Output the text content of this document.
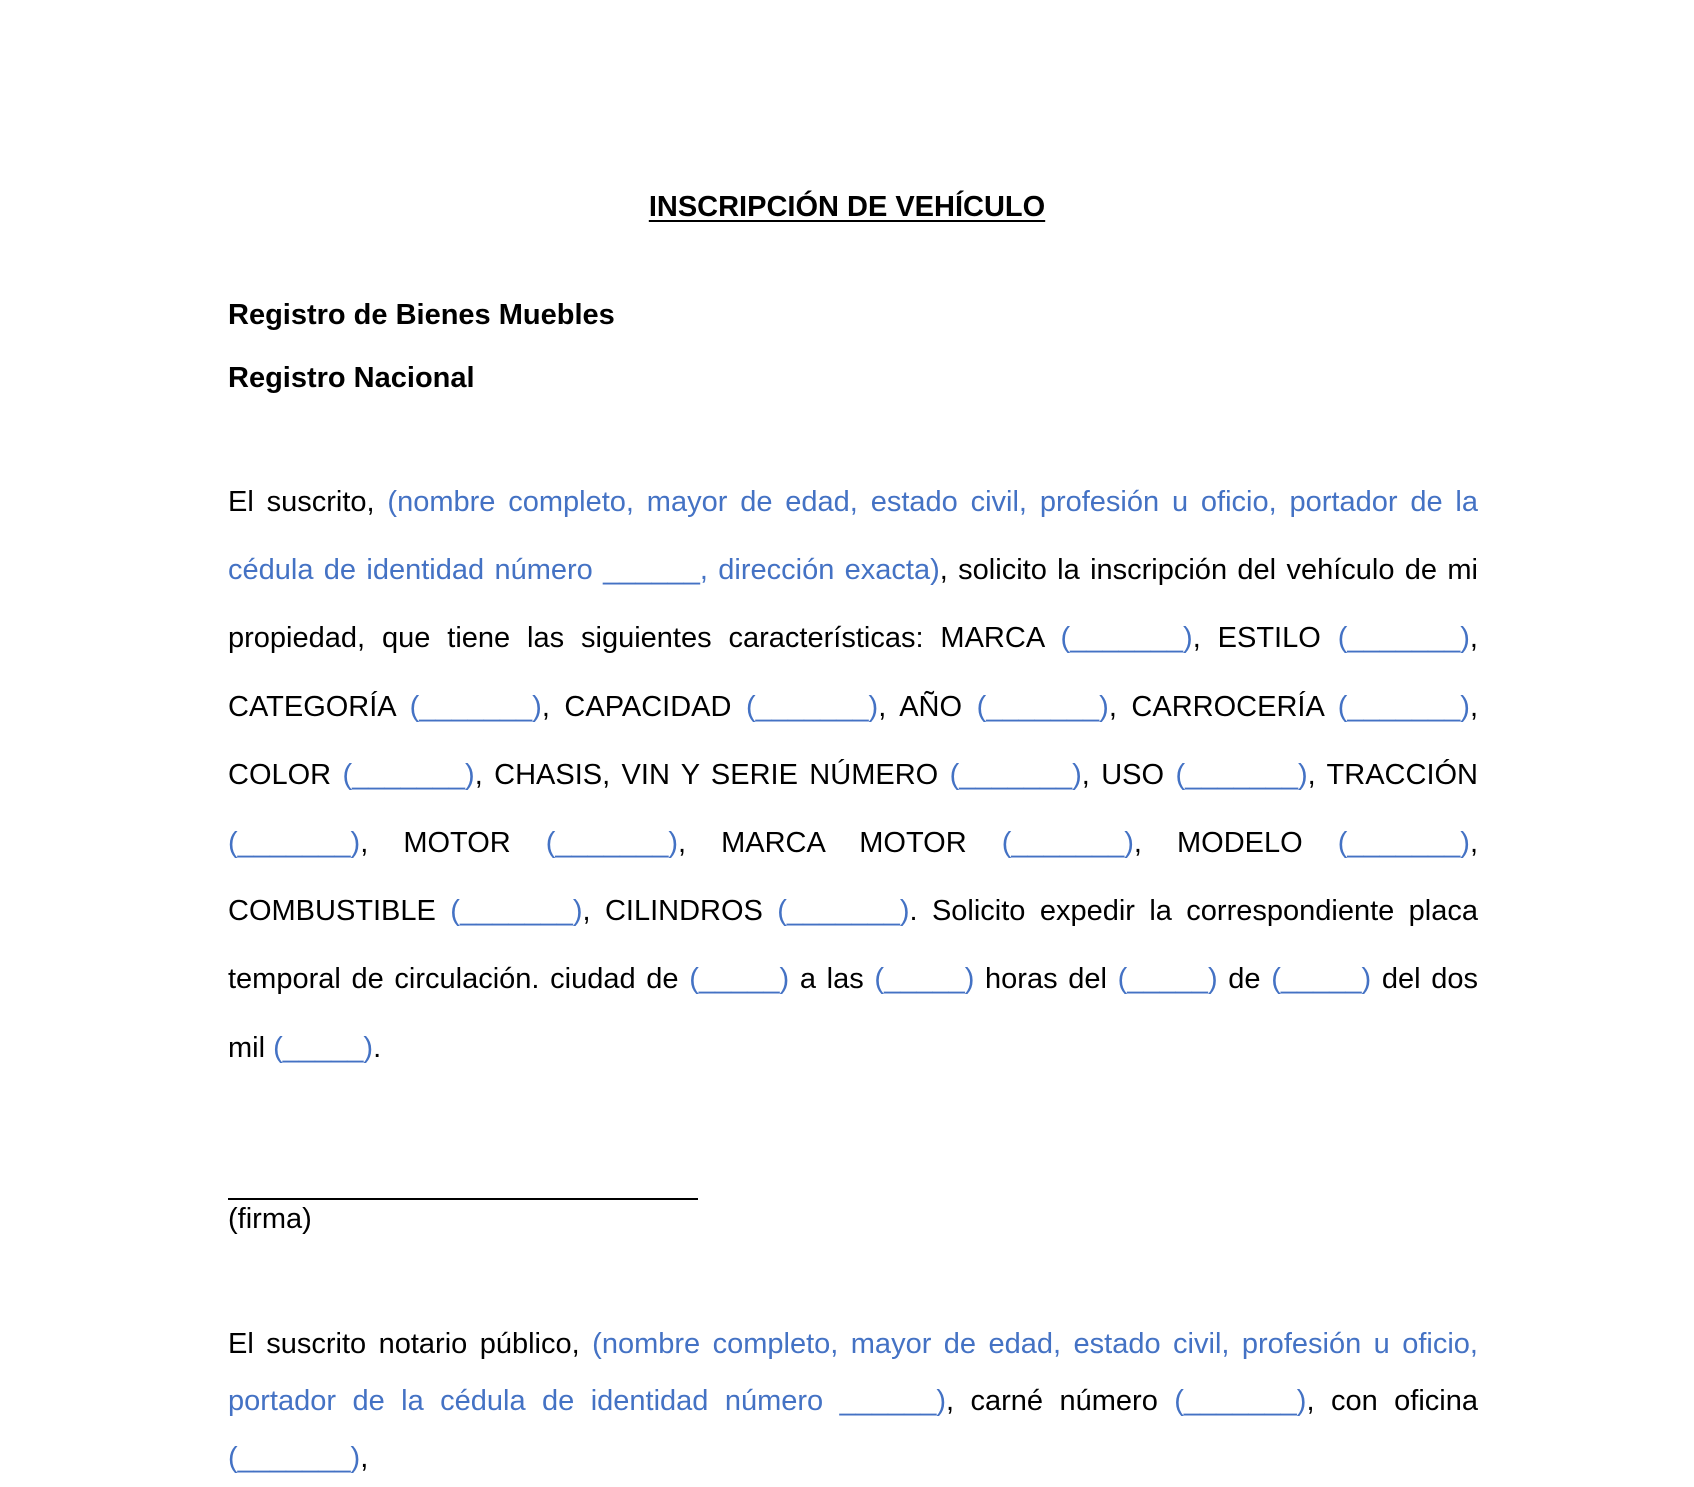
INSCRIPCIÓN DE VEHÍCULO

Registro de Bienes Muebles

Registro Nacional

El suscrito, (nombre completo, mayor de edad, estado civil, profesión u oficio, portador de la cédula de identidad número ______, dirección exacta), solicito la inscripción del vehículo de mi propiedad, que tiene las siguientes características: MARCA (_______), ESTILO (_______), CATEGORÍA (_______), CAPACIDAD (_______), AÑO (_______), CARROCERÍA (_______), COLOR (_______), CHASIS, VIN Y SERIE NÚMERO (_______), USO (_______), TRACCIÓN (_______), MOTOR (_______), MARCA MOTOR (_______), MODELO (_______), COMBUSTIBLE (_______), CILINDROS (_______). Solicito expedir la correspondiente placa temporal de circulación. ciudad de (_____) a las (_____) horas del (_____) de (_____) del dos mil (_____).

(firma)

El suscrito notario público, (nombre completo, mayor de edad, estado civil, profesión u oficio, portador de la cédula de identidad número ______), carné número (_______), con oficina (_______),
